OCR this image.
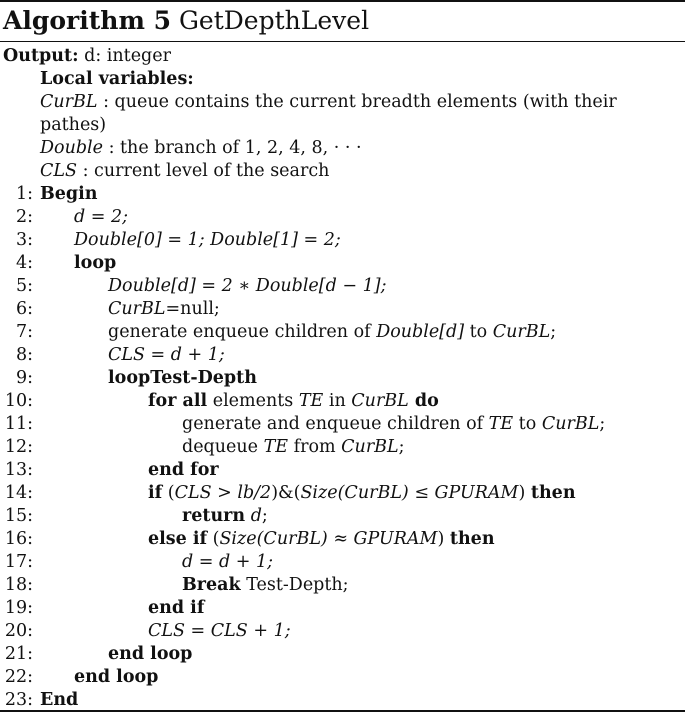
Algorithm 5 GetDepthLevel
Output: d: integer
Local variables:
CurBL : queue contains the current breadth elements (with their
pathes)
Double : the branch of 1, 2, 4, 8, · · ·
CLS : current level of the search
1: Begin
2: d = 2;
3: Double[0] = 1; Double[1] = 2;
4: loop
5:	Double[d] = 2 ∗ Double[d − 1];
6:	CurBL=null;
7:	generate enqueue children of Double[d] to CurBL;
8:	CLS = d + 1;
9:	loopTest-Depth
10:	for all elements TE in CurBL do
11:	generate and enqueue children of TE to CurBL;
12:	dequeue TE from CurBL;
13:	end for
14:	if (CLS > lb/2)&(Size(CurBL) ≤ GPURAM) then
15:	return d;
16:	else if (Size(CurBL) ≈ GPURAM) then
17:	d = d + 1;
18:	Break Test-Depth;
19:	end if
20:	CLS = CLS + 1;
21:	end loop
22: end loop
23: End
